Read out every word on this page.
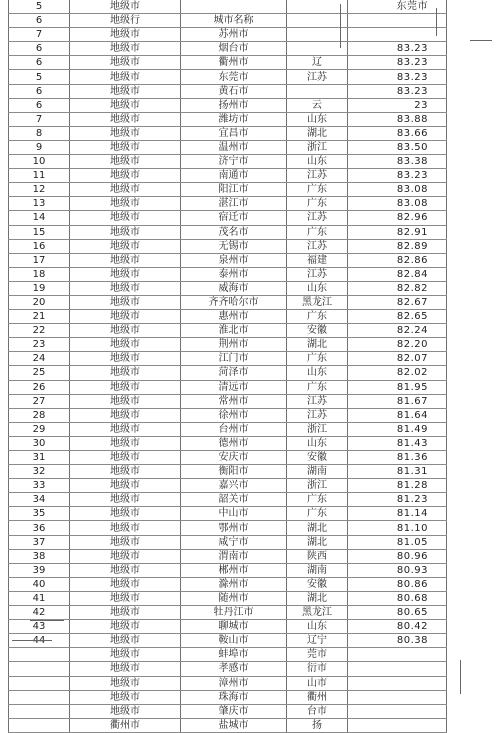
5	地级市			东莞市
6	地级行	城市名称		
7	地级市	苏州市		
6	地级市	烟台市		83.23
6	地级市	衢州市	辽	83.23
5	地级市	东莞市	江苏	83.23
6	地级市	黄石市		83.23
6	地级市	扬州市	云	23
7	地级市	潍坊市	山东	83.88
8	地级市	宜昌市	湖北	83.66
9	地级市	温州市	浙江	83.50
10	地级市	济宁市	山东	83.38
11	地级市	南通市	江苏	83.23
12	地级市	阳江市	广东	83.08
13	地级市	湛江市	广东	83.08
14	地级市	宿迁市	江苏	82.96
15	地级市	茂名市	广东	82.91
16	地级市	无锡市	江苏	82.89
17	地级市	泉州市	福建	82.86
18	地级市	泰州市	江苏	82.84
19	地级市	威海市	山东	82.82
20	地级市	齐齐哈尔市	黑龙江	82.67
21	地级市	惠州市	广东	82.65
22	地级市	淮北市	安徽	82.24
23	地级市	荆州市	湖北	82.20
24	地级市	江门市	广东	82.07
25	地级市	菏泽市	山东	82.02
26	地级市	清远市	广东	81.95
27	地级市	常州市	江苏	81.67
28	地级市	徐州市	江苏	81.64
29	地级市	台州市	浙江	81.49
30	地级市	德州市	山东	81.43
31	地级市	安庆市	安徽	81.36
32	地级市	衡阳市	湖南	81.31
33	地级市	嘉兴市	浙江	81.28
34	地级市	韶关市	广东	81.23
35	地级市	中山市	广东	81.14
36	地级市	鄂州市	湖北	81.10
37	地级市	咸宁市	湖北	81.05
38	地级市	渭南市	陕西	80.96
39	地级市	郴州市	湖南	80.93
40	地级市	滁州市	安徽	80.86
41	地级市	随州市	湖北	80.68
42	地级市	牡丹江市	黑龙江	80.65
43	地级市	聊城市	山东	80.42
	地级市	鞍山市	辽宁	80.38
	地级市	蚌埠市	莞市	
	地级市	孝感市	衍市	
	地级市	漳州市	山市	
	地级市	珠海市	衢州	
	地级市	肇庆市	台市	
	衢州市	盐城市	扬	
